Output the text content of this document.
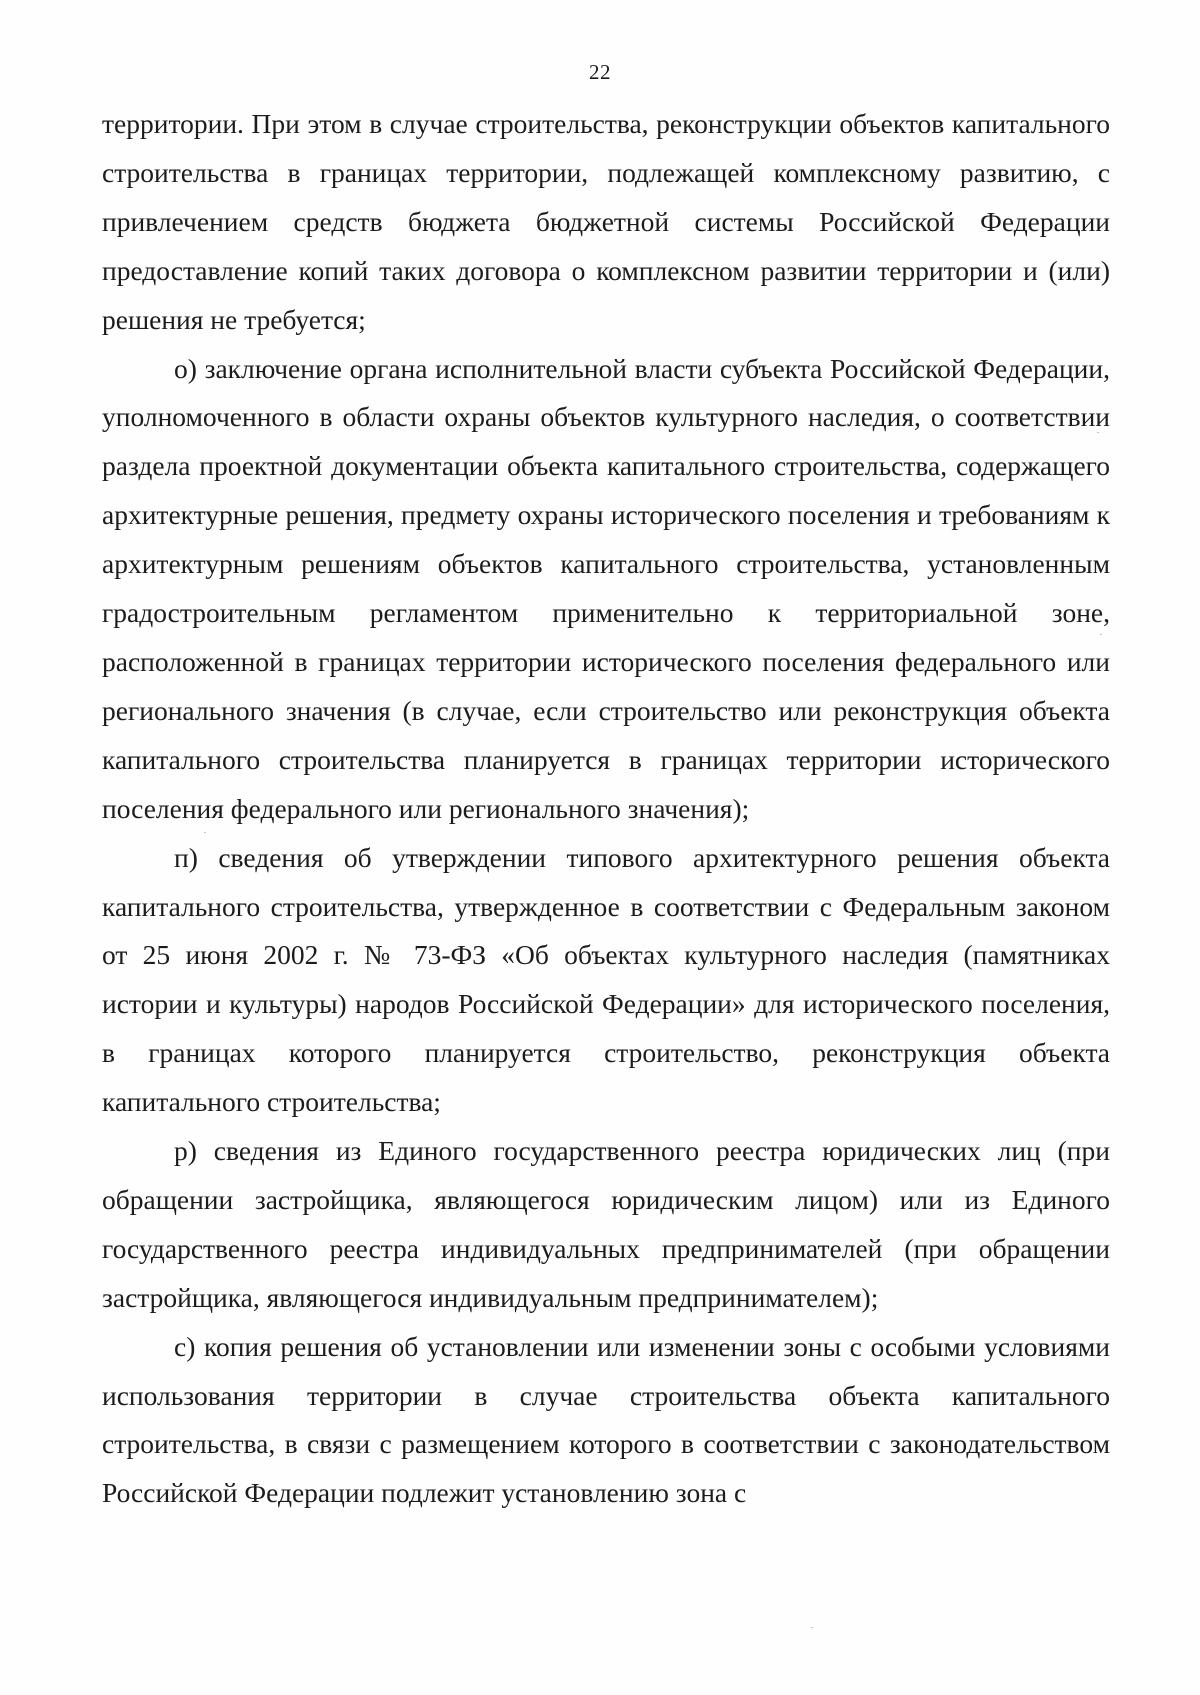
22

территории. При этом в случае строительства, реконструкции объектов капитального строительства в границах территории, подлежащей комплексному развитию, с привлечением средств бюджета бюджетной системы Российской Федерации предоставление копий таких договора о комплексном развитии территории и (или) решения не требуется;

о) заключение органа исполнительной власти субъекта Российской Федерации, уполномоченного в области охраны объектов культурного наследия, о соответствии раздела проектной документации объекта капитального строительства, содержащего архитектурные решения, предмету охраны исторического поселения и требованиям к архитектурным решениям объектов капитального строительства, установленным градостроительным регламентом применительно к территориальной зоне, расположенной в границах территории исторического поселения федерального или регионального значения (в случае, если строительство или реконструкция объекта капитального строительства планируется в границах территории исторического поселения федерального или регионального значения);

п) сведения об утверждении типового архитектурного решения объекта капитального строительства, утвержденное в соответствии с Федеральным законом от 25 июня 2002 г. № 73-ФЗ «Об объектах культурного наследия (памятниках истории и культуры) народов Российской Федерации» для исторического поселения, в границах которого планируется строительство, реконструкция объекта капитального строительства;

р) сведения из Единого государственного реестра юридических лиц (при обращении застройщика, являющегося юридическим лицом) или из Единого государственного реестра индивидуальных предпринимателей (при обращении застройщика, являющегося индивидуальным предпринимателем);

с) копия решения об установлении или изменении зоны с особыми условиями использования территории в случае строительства объекта капитального строительства, в связи с размещением которого в соответствии с законодательством Российской Федерации подлежит установлению зона с
